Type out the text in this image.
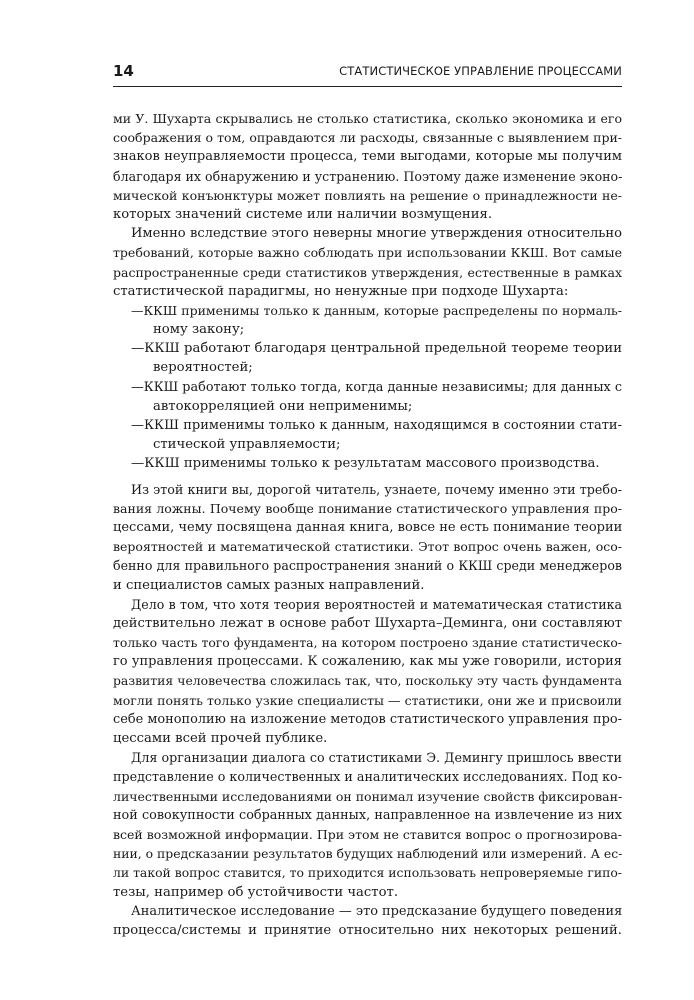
14	СТАТИСТИЧЕСКОЕ УПРАВЛЕНИЕ ПРОЦЕССАМИ
ми У. Шухарта скрывались не столько статистика, сколько экономика и его
соображения о том, оправдаются ли расходы, связанные с выявлением при-
знаков неуправляемости процесса, теми выгодами, которые мы получим
благодаря их обнаружению и устранению. Поэтому даже изменение эконо-
мической конъюнктуры может повлиять на решение о принадлежности не-
которых значений системе или наличии возмущения.
Именно вследствие этого неверны многие утверждения относительно
требований, которые важно соблюдать при использовании ККШ. Вот самые
распространенные среди статистиков утверждения, естественные в рамках
статистической парадигмы, но ненужные при подходе Шухарта:
—ККШ применимы только к данным, которые распределены по нормаль-
ному закону;
—ККШ работают благодаря центральной предельной теореме теории
вероятностей;
—ККШ работают только тогда, когда данные независимы; для данных с
автокорреляцией они неприменимы;
—ККШ применимы только к данным, находящимся в состоянии стати-
стической управляемости;
—ККШ применимы только к результатам массового производства.
Из этой книги вы, дорогой читатель, узнаете, почему именно эти требо-
вания ложны. Почему вообще понимание статистического управления про-
цессами, чему посвящена данная книга, вовсе не есть понимание теории
вероятностей и математической статистики. Этот вопрос очень важен, осо-
бенно для правильного распространения знаний о ККШ среди менеджеров
и специалистов самых разных направлений.
Дело в том, что хотя теория вероятностей и математическая статистика
действительно лежат в основе работ Шухарта–Деминга, они составляют
только часть того фундамента, на котором построено здание статистическо-
го управления процессами. К сожалению, как мы уже говорили, история
развития человечества сложилась так, что, поскольку эту часть фундамента
могли понять только узкие специалисты — статистики, они же и присвоили
себе монополию на изложение методов статистического управления про-
цессами всей прочей публике.
Для организации диалога со статистиками Э. Демингу пришлось ввести
представление о количественных и аналитических исследованиях. Под ко-
личественными исследованиями он понимал изучение свойств фиксирован-
ной совокупности собранных данных, направленное на извлечение из них
всей возможной информации. При этом не ставится вопрос о прогнозирова-
нии, о предсказании результатов будущих наблюдений или измерений. А ес-
ли такой вопрос ставится, то приходится использовать непроверяемые гипо-
тезы, например об устойчивости частот.
Аналитическое исследование — это предсказание будущего поведения
процесса/системы и принятие относительно них некоторых решений.
